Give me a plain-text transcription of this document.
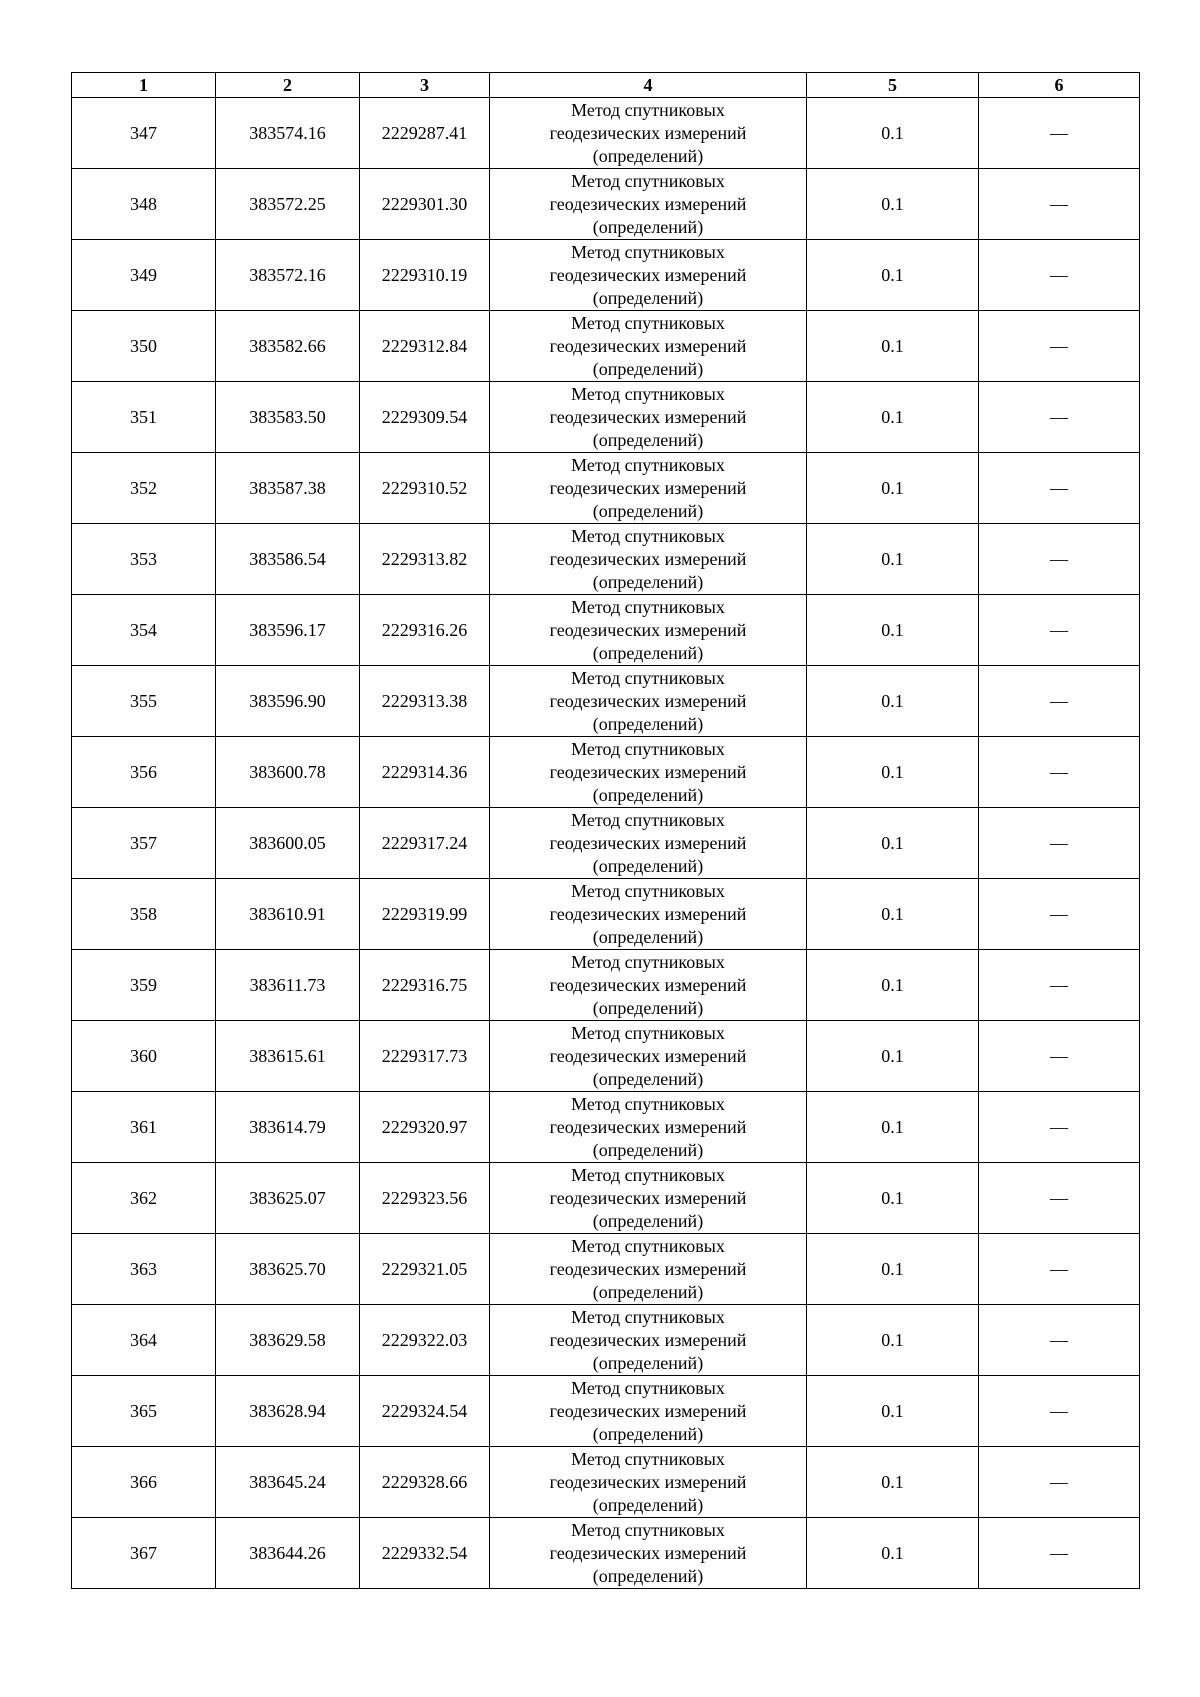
1	2	3	4	5	6
347	383574.16	2229287.41	Метод спутниковых
геодезических измерений
(определений)	0.1	—
348	383572.25	2229301.30	Метод спутниковых
геодезических измерений
(определений)	0.1	—
349	383572.16	2229310.19	Метод спутниковых
геодезических измерений
(определений)	0.1	—
350	383582.66	2229312.84	Метод спутниковых
геодезических измерений
(определений)	0.1	—
351	383583.50	2229309.54	Метод спутниковых
геодезических измерений
(определений)	0.1	—
352	383587.38	2229310.52	Метод спутниковых
геодезических измерений
(определений)	0.1	—
353	383586.54	2229313.82	Метод спутниковых
геодезических измерений
(определений)	0.1	—
354	383596.17	2229316.26	Метод спутниковых
геодезических измерений
(определений)	0.1	—
355	383596.90	2229313.38	Метод спутниковых
геодезических измерений
(определений)	0.1	—
356	383600.78	2229314.36	Метод спутниковых
геодезических измерений
(определений)	0.1	—
357	383600.05	2229317.24	Метод спутниковых
геодезических измерений
(определений)	0.1	—
358	383610.91	2229319.99	Метод спутниковых
геодезических измерений
(определений)	0.1	—
359	383611.73	2229316.75	Метод спутниковых
геодезических измерений
(определений)	0.1	—
360	383615.61	2229317.73	Метод спутниковых
геодезических измерений
(определений)	0.1	—
361	383614.79	2229320.97	Метод спутниковых
геодезических измерений
(определений)	0.1	—
362	383625.07	2229323.56	Метод спутниковых
геодезических измерений
(определений)	0.1	—
363	383625.70	2229321.05	Метод спутниковых
геодезических измерений
(определений)	0.1	—
364	383629.58	2229322.03	Метод спутниковых
геодезических измерений
(определений)	0.1	—
365	383628.94	2229324.54	Метод спутниковых
геодезических измерений
(определений)	0.1	—
366	383645.24	2229328.66	Метод спутниковых
геодезических измерений
(определений)	0.1	—
367	383644.26	2229332.54	Метод спутниковых
геодезических измерений
(определений)	0.1	—
